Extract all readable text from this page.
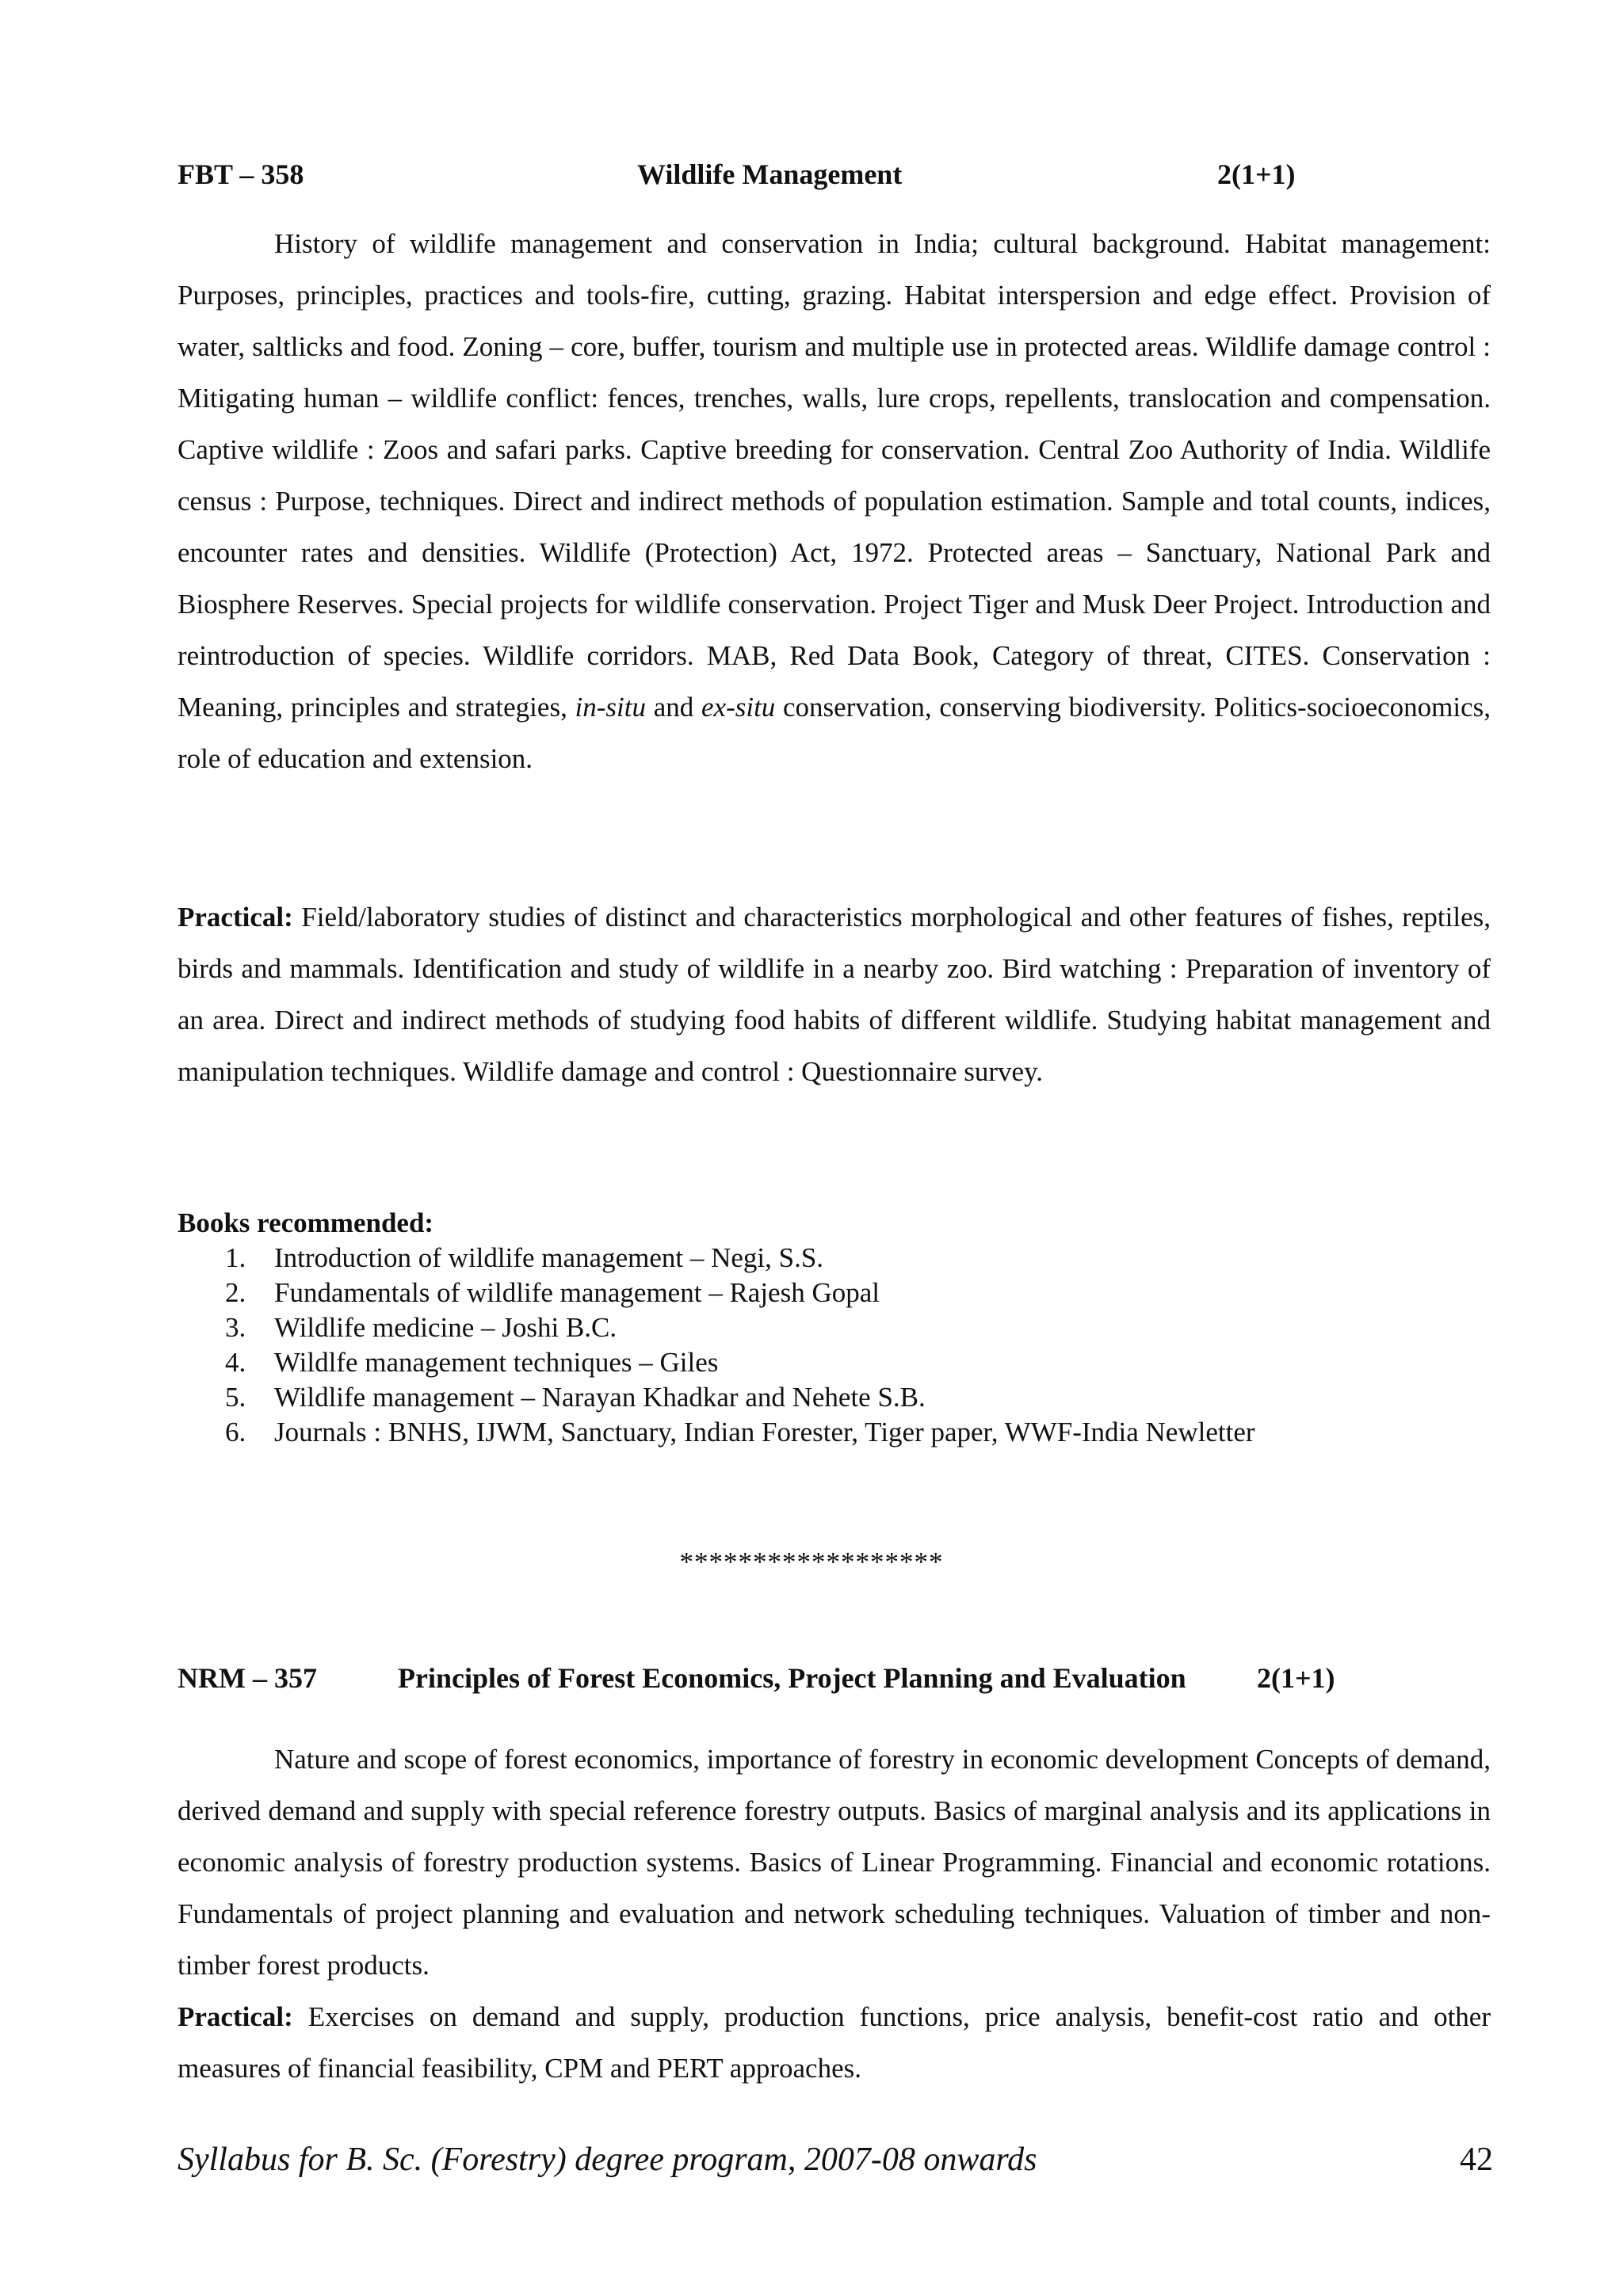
FBT – 358	Wildlife Management	2(1+1)

History of wildlife management and conservation in India; cultural background. Habitat management: Purposes, principles, practices and tools-fire, cutting, grazing. Habitat interspersion and edge effect. Provision of water, saltlicks and food. Zoning – core, buffer, tourism and multiple use in protected areas. Wildlife damage control : Mitigating human – wildlife conflict: fences, trenches, walls, lure crops, repellents, translocation and compensation. Captive wildlife : Zoos and safari parks. Captive breeding for conservation. Central Zoo Authority of India. Wildlife census : Purpose, techniques. Direct and indirect methods of population estimation. Sample and total counts, indices, encounter rates and densities. Wildlife (Protection) Act, 1972. Protected areas – Sanctuary, National Park and Biosphere Reserves. Special projects for wildlife conservation. Project Tiger and Musk Deer Project. Introduction and reintroduction of species. Wildlife corridors. MAB, Red Data Book, Category of threat, CITES. Conservation : Meaning, principles and strategies, in-situ and ex-situ conservation, conserving biodiversity. Politics-socioeconomics, role of education and extension.

Practical: Field/laboratory studies of distinct and characteristics morphological and other features of fishes, reptiles, birds and mammals. Identification and study of wildlife in a nearby zoo. Bird watching : Preparation of inventory of an area. Direct and indirect methods of studying food habits of different wildlife. Studying habitat management and manipulation techniques. Wildlife damage and control : Questionnaire survey.

Books recommended:
1. Introduction of wildlife management – Negi, S.S.
2. Fundamentals of wildlife management – Rajesh Gopal
3. Wildlife medicine – Joshi B.C.
4. Wildlfe management techniques – Giles
5. Wildlife management – Narayan Khadkar and Nehete S.B.
6. Journals : BNHS, IJWM, Sanctuary, Indian Forester, Tiger paper, WWF-India Newletter
******************
NRM – 357	Principles of Forest Economics, Project Planning and Evaluation 2(1+1)

Nature and scope of forest economics, importance of forestry in economic development Concepts of demand, derived demand and supply with special reference forestry outputs. Basics of marginal analysis and its applications in economic analysis of forestry production systems. Basics of Linear Programming. Financial and economic rotations. Fundamentals of project planning and evaluation and network scheduling techniques. Valuation of timber and non-timber forest products.

Practical: Exercises on demand and supply, production functions, price analysis, benefit-cost ratio and other measures of financial feasibility, CPM and PERT approaches.

Syllabus for B. Sc. (Forestry) degree program, 2007-08 onwards	42
